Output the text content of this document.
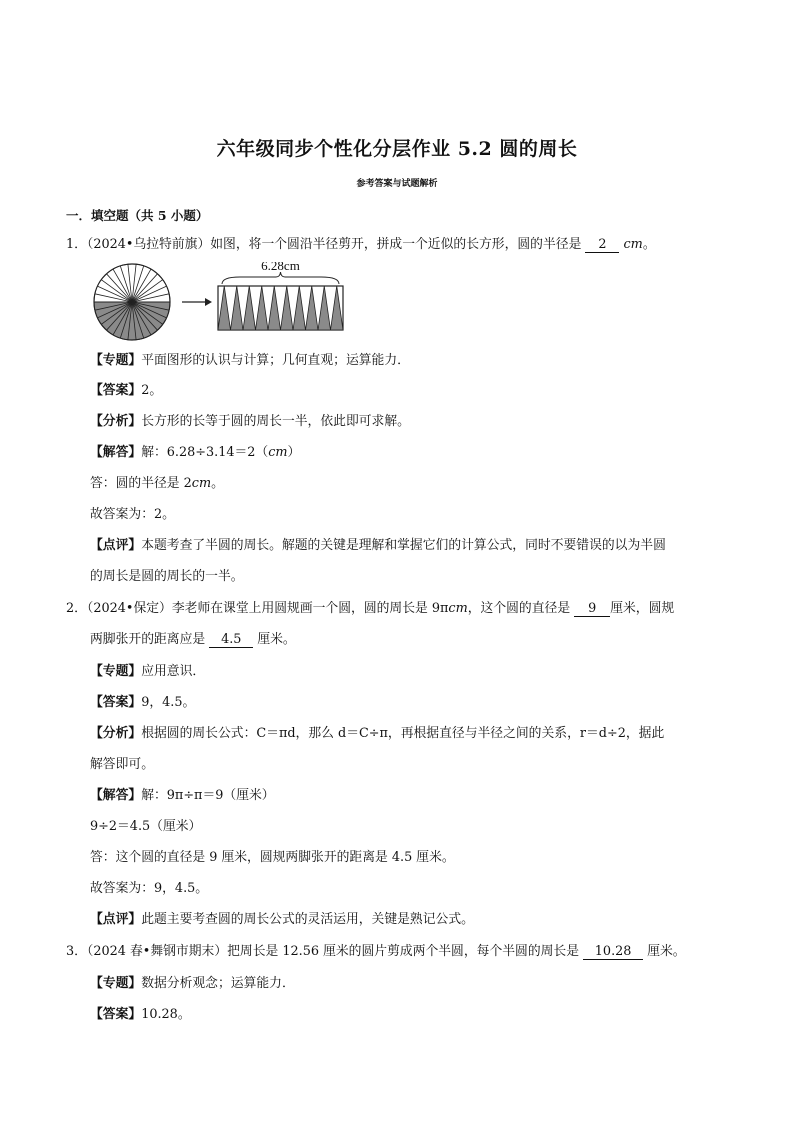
六年级同步个性化分层作业 5.2 圆的周长
参考答案与试题解析
一．填空题（共 5 小题）
1．（2024•乌拉特前旗）如图，将一个圆沿半径剪开，拼成一个近似的长方形，圆的半径是 2 cm。
6.28cm
【专题】平面图形的认识与计算；几何直观；运算能力．
【答案】2。
【分析】长方形的长等于圆的周长一半，依此即可求解。
【解答】解：6.28÷3.14＝2（cm）
答：圆的半径是 2cm。
故答案为：2。
【点评】本题考查了半圆的周长。解题的关键是理解和掌握它们的计算公式，同时不要错误的以为半圆
的周长是圆的周长的一半。
2．（2024•保定）李老师在课堂上用圆规画一个圆，圆的周长是 9πcm，这个圆的直径是 9 厘米，圆规
两脚张开的距离应是 4.5 厘米。
【专题】应用意识．
【答案】9，4.5。
【分析】根据圆的周长公式：C＝πd，那么 d＝C÷π，再根据直径与半径之间的关系，r＝d÷2，据此
解答即可。
【解答】解：9π÷π＝9（厘米）
9÷2＝4.5（厘米）
答：这个圆的直径是 9 厘米，圆规两脚张开的距离是 4.5 厘米。
故答案为：9，4.5。
【点评】此题主要考查圆的周长公式的灵活运用，关键是熟记公式。
3．（2024 春•舞钢市期末）把周长是 12.56 厘米的圆片剪成两个半圆，每个半圆的周长是 10.28 厘米。
【专题】数据分析观念；运算能力．
【答案】10.28。
